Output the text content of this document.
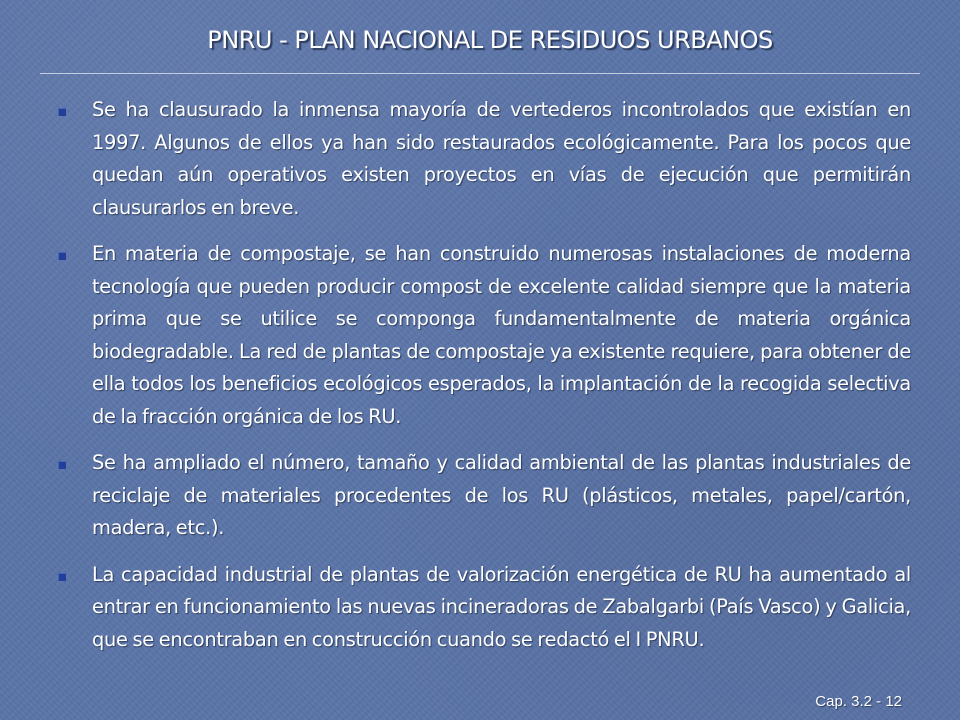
PNRU - PLAN NACIONAL DE RESIDUOS URBANOS
Se ha clausurado la inmensa mayoría de vertederos incontrolados que existían en 1997. Algunos de ellos ya han sido restaurados ecológicamente. Para los pocos que quedan aún operativos existen proyectos en vías de ejecución que permitirán clausurarlos en breve.
En materia de compostaje, se han construido numerosas instalaciones de moderna tecnología que pueden producir compost de excelente calidad siempre que la materia prima que se utilice se componga fundamentalmente de materia orgánica biodegradable. La red de plantas de compostaje ya existente requiere, para obtener de ella todos los beneficios ecológicos esperados, la implantación de la recogida selectiva de la fracción orgánica de los RU.
Se ha ampliado el número, tamaño y calidad ambiental de las plantas industriales de reciclaje de materiales procedentes de los RU (plásticos, metales, papel/cartón, madera, etc.).
La capacidad industrial de plantas de valorización energética de RU ha aumentado al entrar en funcionamiento las nuevas incineradoras de Zabalgarbi (País Vasco) y Galicia, que se encontraban en construcción cuando se redactó el I PNRU.
Cap. 3.2 - 12
